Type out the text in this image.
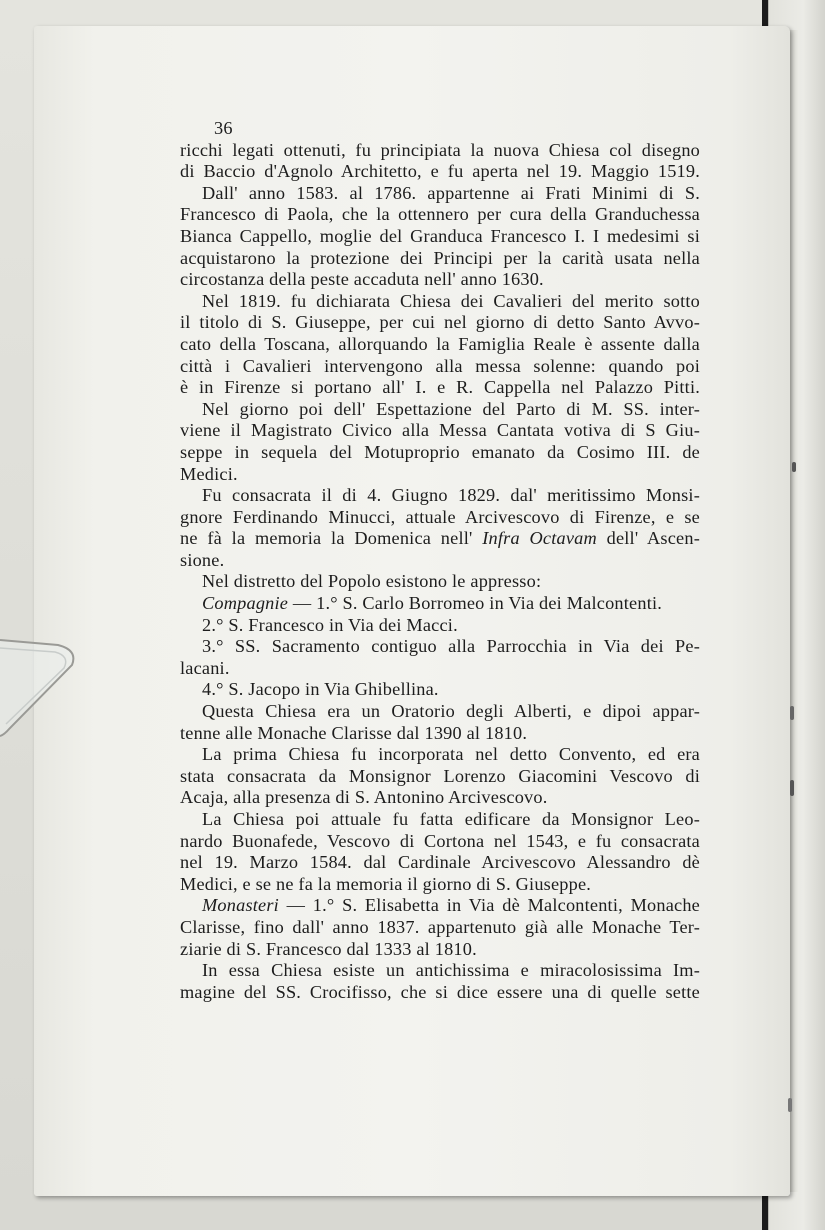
36
ricchi legati ottenuti, fu principiata la nuova Chiesa col disegno
di Baccio d'Agnolo Architetto, e fu aperta nel 19. Maggio 1519.
Dall' anno 1583. al 1786. appartenne ai Frati Minimi di S.
Francesco di Paola, che la ottennero per cura della Granduchessa
Bianca Cappello, moglie del Granduca Francesco I. I medesimi si
acquistarono la protezione dei Principi per la carità usata nella
circostanza della peste accaduta nell' anno 1630.
Nel 1819. fu dichiarata Chiesa dei Cavalieri del merito sotto
il titolo di S. Giuseppe, per cui nel giorno di detto Santo Avvo-
cato della Toscana, allorquando la Famiglia Reale è assente dalla
città i Cavalieri intervengono alla messa solenne: quando poi
è in Firenze si portano all' I. e R. Cappella nel Palazzo Pitti.
Nel giorno poi dell' Espettazione del Parto di M. SS. inter-
viene il Magistrato Civico alla Messa Cantata votiva di S Giu-
seppe in sequela del Motuproprio emanato da Cosimo III. de
Medici.
Fu consacrata il di 4. Giugno 1829. dal' meritissimo Monsi-
gnore Ferdinando Minucci, attuale Arcivescovo di Firenze, e se
ne fà la memoria la Domenica nell' Infra Octavam dell' Ascen-
sione.
Nel distretto del Popolo esistono le appresso:
Compagnie — 1.° S. Carlo Borromeo in Via dei Malcontenti.
2.° S. Francesco in Via dei Macci.
3.° SS. Sacramento contiguo alla Parrocchia in Via dei Pe-
lacani.
4.° S. Jacopo in Via Ghibellina.
Questa Chiesa era un Oratorio degli Alberti, e dipoi appar-
tenne alle Monache Clarisse dal 1390 al 1810.
La prima Chiesa fu incorporata nel detto Convento, ed era
stata consacrata da Monsignor Lorenzo Giacomini Vescovo di
Acaja, alla presenza di S. Antonino Arcivescovo.
La Chiesa poi attuale fu fatta edificare da Monsignor Leo-
nardo Buonafede, Vescovo di Cortona nel 1543, e fu consacrata
nel 19. Marzo 1584. dal Cardinale Arcivescovo Alessandro dè
Medici, e se ne fa la memoria il giorno di S. Giuseppe.
Monasteri — 1.° S. Elisabetta in Via dè Malcontenti, Monache
Clarisse, fino dall' anno 1837. appartenuto già alle Monache Ter-
ziarie di S. Francesco dal 1333 al 1810.
In essa Chiesa esiste un antichissima e miracolosissima Im-
magine del SS. Crocifisso, che si dice essere una di quelle sette
